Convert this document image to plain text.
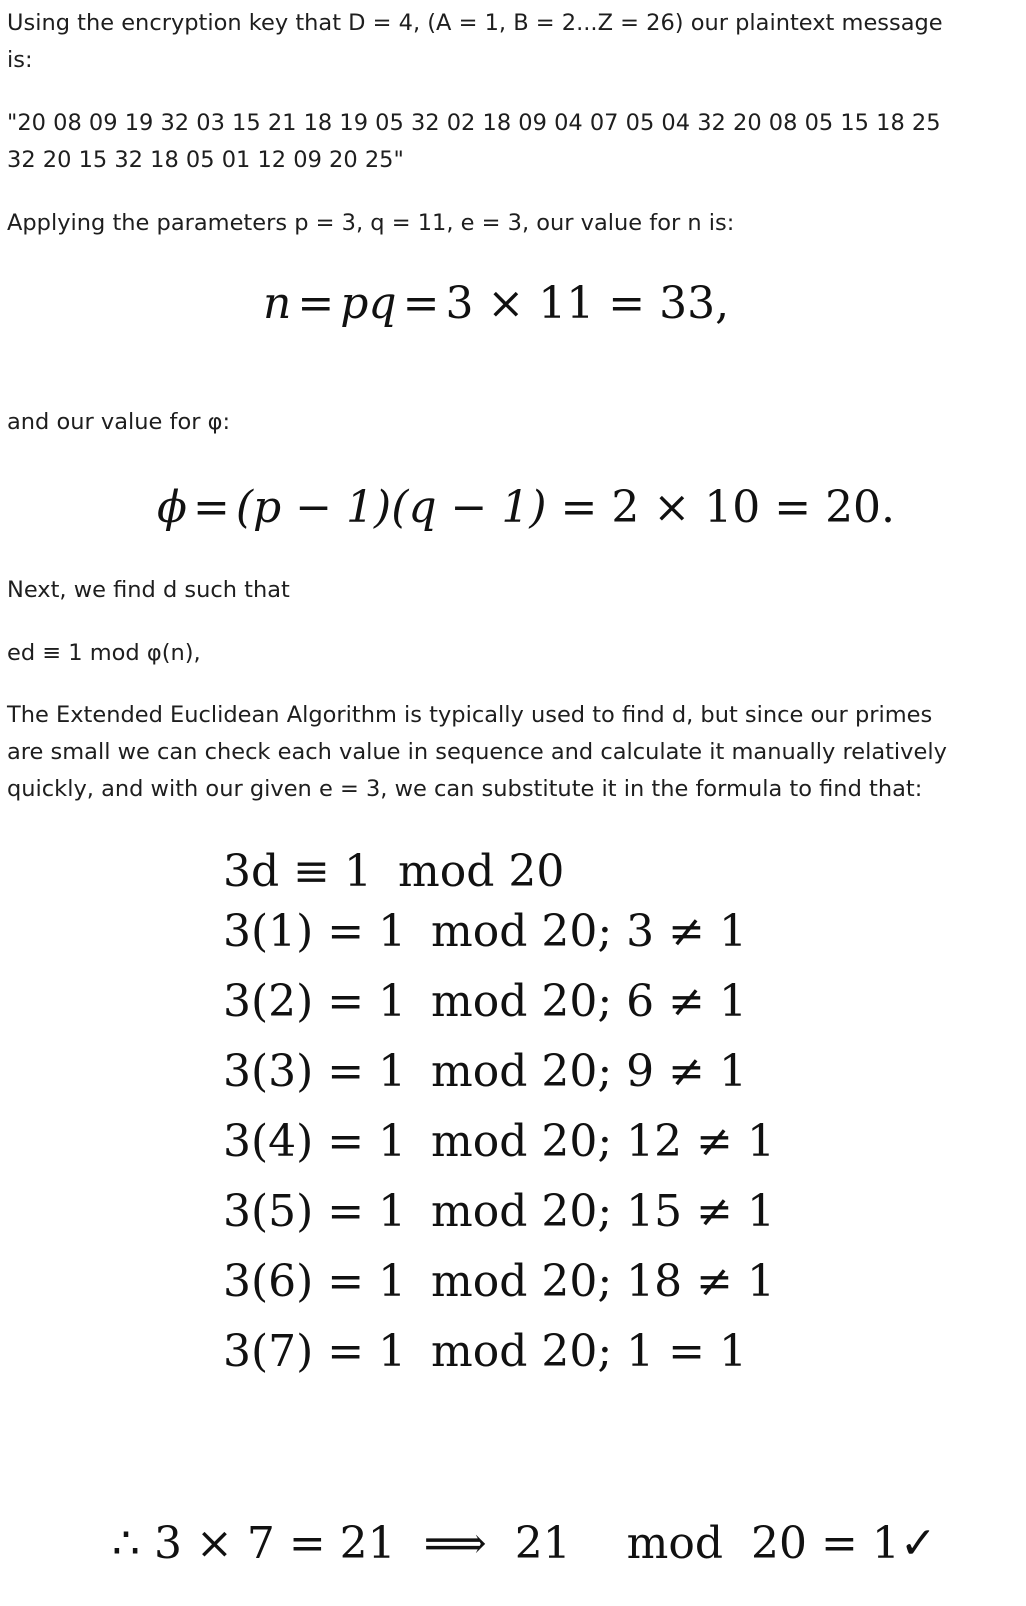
Using the encryption key that D = 4, (A = 1, B = 2...Z = 26) our plaintext message is:

"20 08 09 19 32 03 15 21 18 19 05 32 02 18 09 04 07 05 04 32 20 08 05 15 18 25 32 20 15 32 18 05 01 12 09 20 25"

Applying the parameters p = 3, q = 11, e = 3, our value for n is:

n = pq = 3 × 11 = 33,

and our value for φ:

ϕ = (p − 1)(q − 1) = 2 × 10 = 20.

Next, we find d such that

ed ≡ 1 mod φ(n),

The Extended Euclidean Algorithm is typically used to find d, but since our primes are small we can check each value in sequence and calculate it manually relatively quickly, and with our given e = 3, we can substitute it in the formula to find that:

3d ≡ 1 mod 20
3(1) = 1 mod 20; 3 ≠ 1
3(2) = 1 mod 20; 6 ≠ 1
3(3) = 1 mod 20; 9 ≠ 1
3(4) = 1 mod 20; 12 ≠ 1
3(5) = 1 mod 20; 15 ≠ 1
3(6) = 1 mod 20; 18 ≠ 1
3(7) = 1 mod 20; 1 = 1
∴ 3 × 7 = 21 ⟹ 21    mod  20 = 1✓
